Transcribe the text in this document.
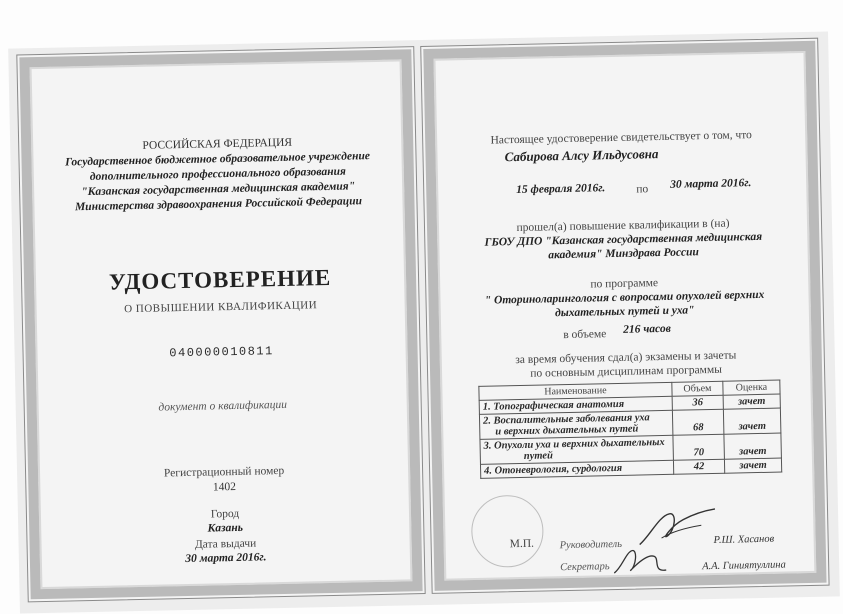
РОССИЙСКАЯ ФЕДЕРАЦИЯ
Государственное бюджетное образовательное учреждение
дополнительного профессионального образования
"Казанская государственная медицинская академия"
Министерства здравоохранения Российской Федерации
УДОСТОВЕРЕНИЕ
О ПОВЫШЕНИИ КВАЛИФИКАЦИИ
040000010811
документ о квалификации
Регистрационный номер
1402
Город
Казань
Дата выдачи
30 марта 2016г.
Настоящее удостоверение свидетельствует о том, что
Сабирова Алсу Ильдусовна
15 февраля 2016г.	по 30 марта 2016г.
прошел(а) повышение квалификации в (на)
ГБОУ ДПО "Казанская государственная медицинская
академия" Минздрава России
по программе
" Оториноларингология с вопросами опухолей верхних
дыхательных путей и уха"
в объеме 216 часов
за время обучения сдал(а) экзамены и зачеты
по основным дисциплинам программы
Наименование	Объем	Оценка
1. Топографическая анатомия	36	зачет
2. Воспалительные заболевания уха
и верхних дыхательных путей	68	зачет
3. Опухоли уха и верхних дыхательных
путей	70	зачет
4. Отоневрология, сурдология	42	зачет
М.П. Руководитель
Секретарь
Р.Ш. Хасанов
А.А. Гиниятуллина
